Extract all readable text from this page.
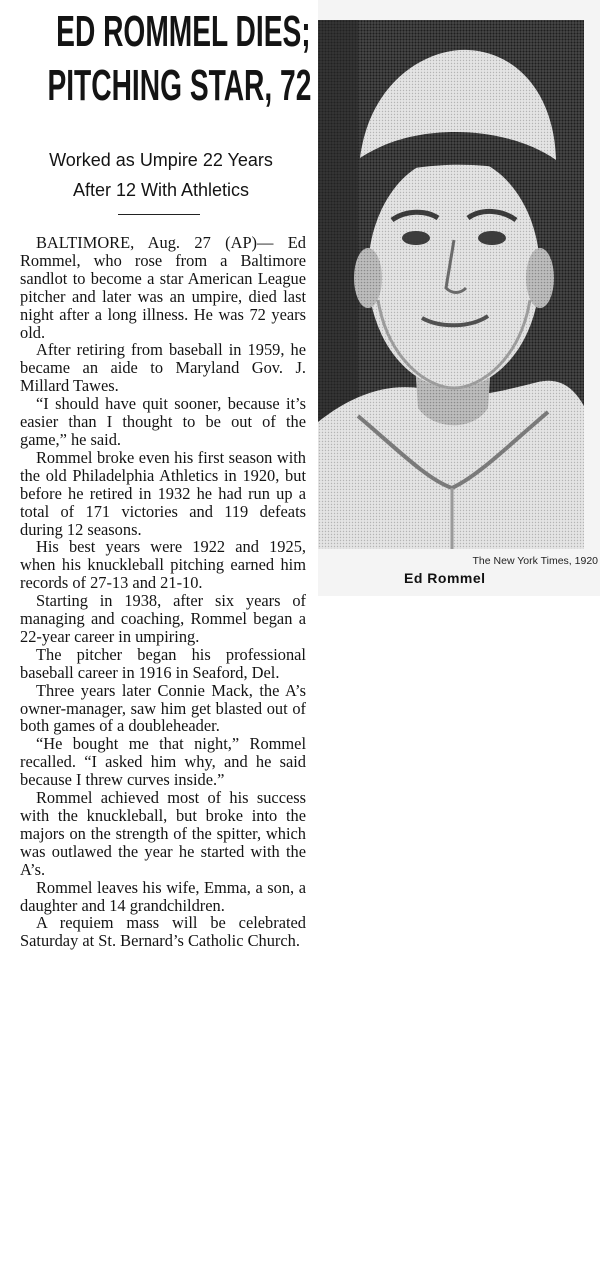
ED ROMMEL DIES;
PITCHING STAR, 72
Worked as Umpire 22 Years
After 12 With Athletics

BALTIMORE, Aug. 27 (AP)— Ed Rommel, who rose from a Baltimore sandlot to become a star American League pitcher and later was an umpire, died last night after a long illness. He was 72 years old.

After retiring from baseball in 1959, he became an aide to Maryland Gov. J. Millard Tawes.

“I should have quit sooner, because it’s easier than I thought to be out of the game,” he said.

Rommel broke even his first season with the old Philadelphia Athletics in 1920, but before he retired in 1932 he had run up a total of 171 victories and 119 defeats during 12 seasons.

His best years were 1922 and 1925, when his knuckleball pitching earned him records of 27-13 and 21-10.

Starting in 1938, after six years of managing and coaching, Rommel began a 22-year career in umpiring.

The pitcher began his professional baseball career in 1916 in Seaford, Del.

Three years later Connie Mack, the A’s owner-manager, saw him get blasted out of both games of a doubleheader.

“He bought me that night,” Rommel recalled. “I asked him why, and he said because I threw curves inside.”

Rommel achieved most of his success with the knuckleball, but broke into the majors on the strength of the spitter, which was outlawed the year he started with the A’s.

Rommel leaves his wife, Emma, a son, a daughter and 14 grandchildren.

A requiem mass will be celebrated Saturday at St. Bernard’s Catholic Church.

The New York Times, 1920
Ed Rommel
